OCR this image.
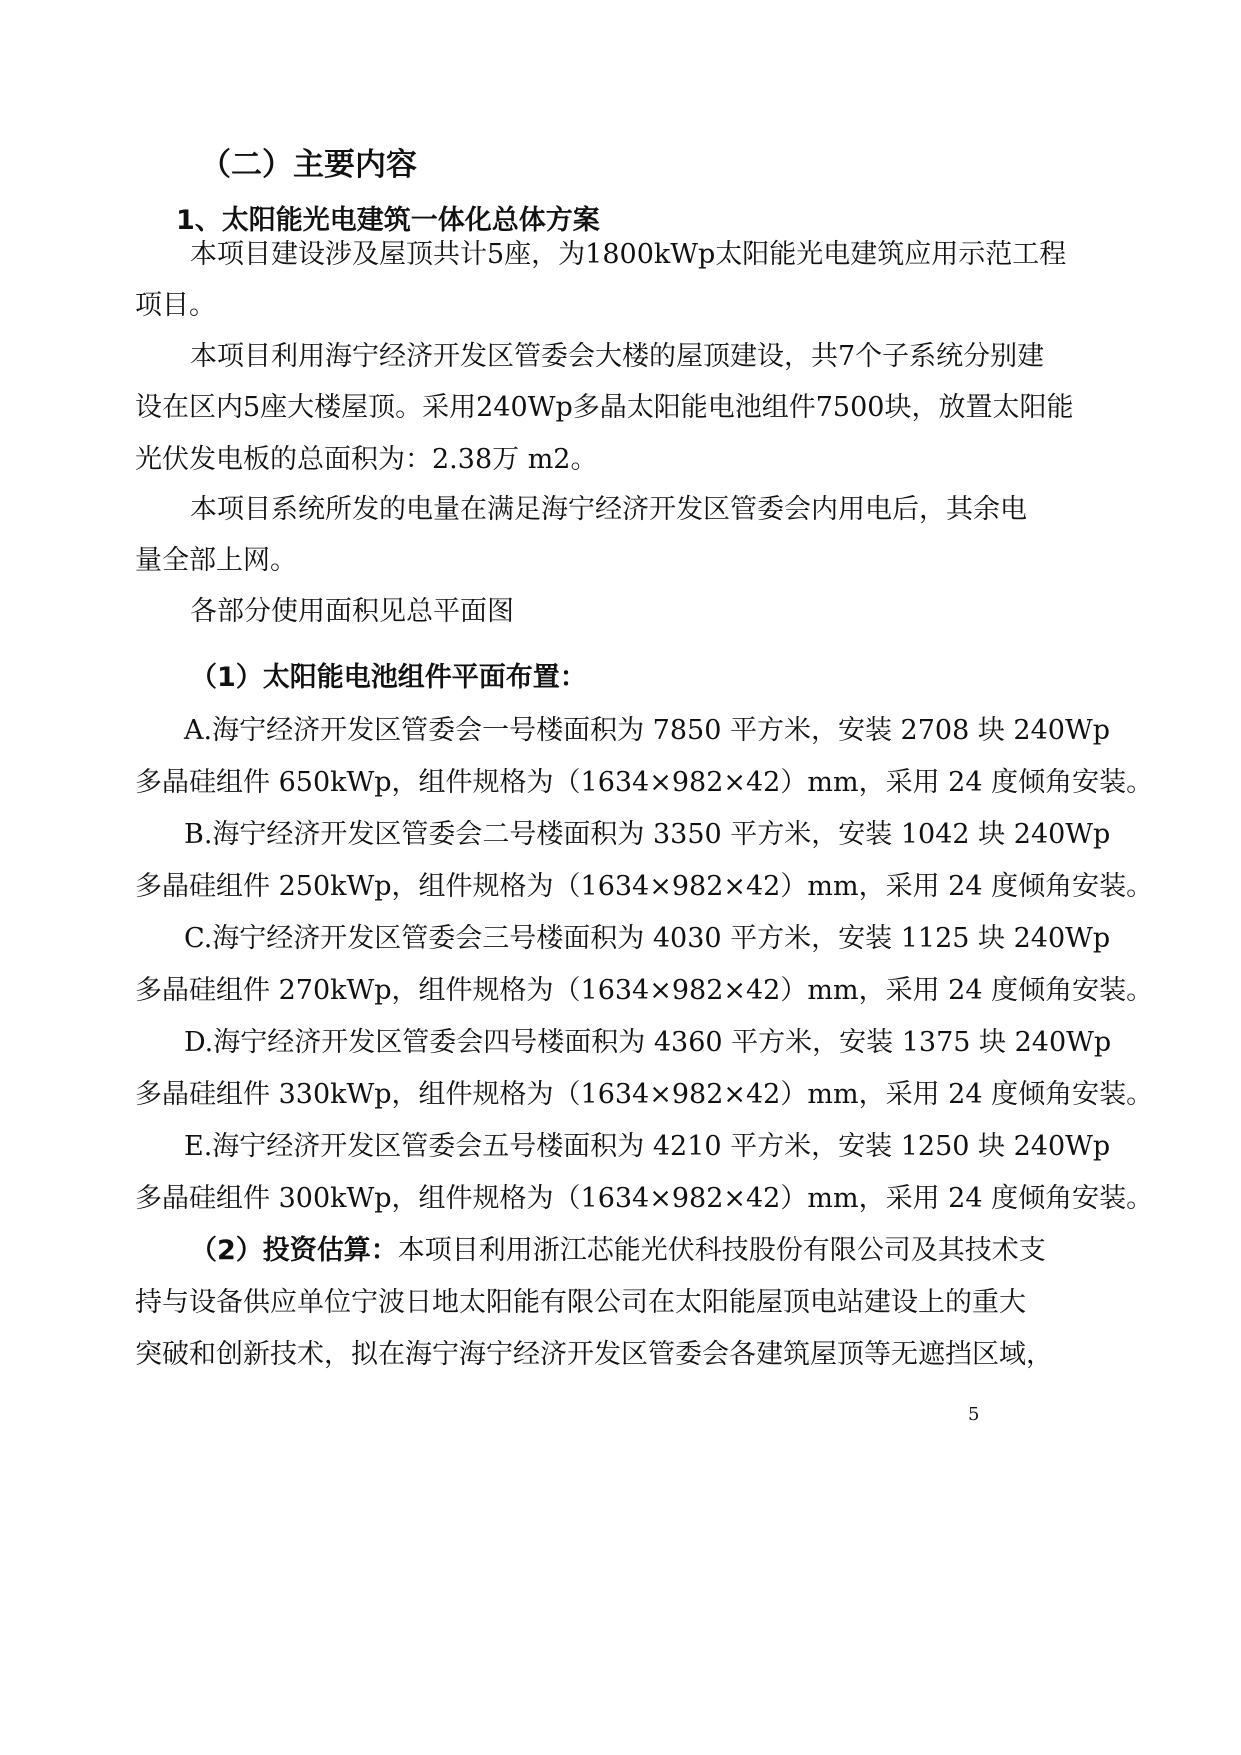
（二）主要内容
1、太阳能光电建筑一体化总体方案
本项目建设涉及屋顶共计5座，为1800kWp太阳能光电建筑应用示范工程
项目。
本项目利用海宁经济开发区管委会大楼的屋顶建设，共7个子系统分别建
设在区内5座大楼屋顶。采用240Wp多晶太阳能电池组件7500块，放置太阳能
光伏发电板的总面积为：2.38万 m2。
本项目系统所发的电量在满足海宁经济开发区管委会内用电后，其余电
量全部上网。
各部分使用面积见总平面图
（1）太阳能电池组件平面布置：
A.海宁经济开发区管委会一号楼面积为 7850 平方米，安装 2708 块 240Wp
多晶硅组件 650kWp，组件规格为（1634×982×42）mm，采用 24 度倾角安装。
B.海宁经济开发区管委会二号楼面积为 3350 平方米，安装 1042 块 240Wp
多晶硅组件 250kWp，组件规格为（1634×982×42）mm，采用 24 度倾角安装。
C.海宁经济开发区管委会三号楼面积为 4030 平方米，安装 1125 块 240Wp
多晶硅组件 270kWp，组件规格为（1634×982×42）mm，采用 24 度倾角安装。
D.海宁经济开发区管委会四号楼面积为 4360 平方米，安装 1375 块 240Wp
多晶硅组件 330kWp，组件规格为（1634×982×42）mm，采用 24 度倾角安装。
E.海宁经济开发区管委会五号楼面积为 4210 平方米，安装 1250 块 240Wp
多晶硅组件 300kWp，组件规格为（1634×982×42）mm，采用 24 度倾角安装。
（2）投资估算： 本项目利用浙江芯能光伏科技股份有限公司及其技术支
持与设备供应单位宁波日地太阳能有限公司在太阳能屋顶电站建设上的重大
突破和创新技术，拟在海宁海宁经济开发区管委会各建筑屋顶等无遮挡区域，
5
